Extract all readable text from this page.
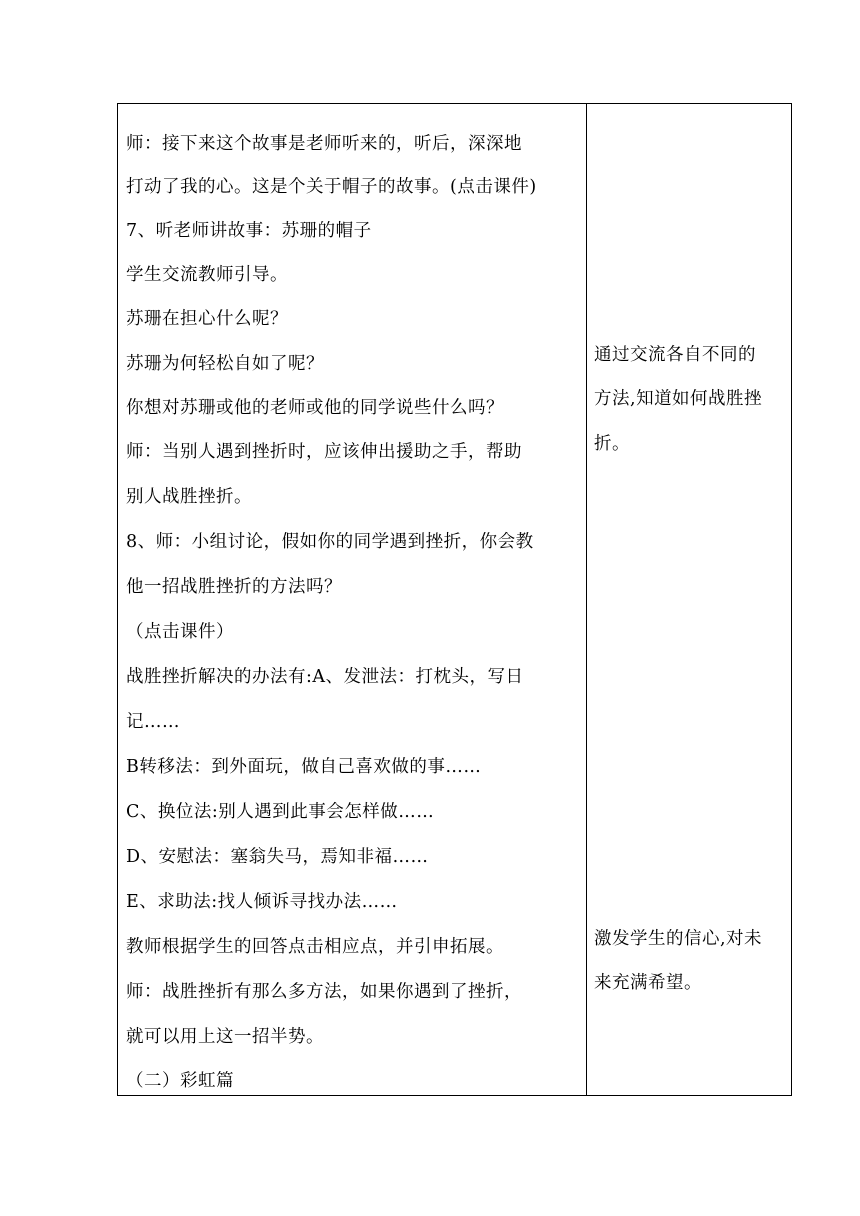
师：接下来这个故事是老师听来的，听后，深深地
打动了我的心。这是个关于帽子的故事。(点击课件)
7、听老师讲故事：苏珊的帽子
学生交流教师引导。
苏珊在担心什么呢？
苏珊为何轻松自如了呢？
你想对苏珊或他的老师或他的同学说些什么吗？
师：当别人遇到挫折时，应该伸出援助之手，帮助
别人战胜挫折。
8、师：小组讨论，假如你的同学遇到挫折，你会教
他一招战胜挫折的方法吗？
（点击课件）
战胜挫折解决的办法有:A、发泄法：打枕头，写日
记……
B转移法：到外面玩，做自己喜欢做的事……
C、换位法:别人遇到此事会怎样做……
D、安慰法：塞翁失马，焉知非福……
E、求助法:找人倾诉寻找办法……
教师根据学生的回答点击相应点，并引申拓展。
师：战胜挫折有那么多方法，如果你遇到了挫折，
就可以用上这一招半势。
（二）彩虹篇
通过交流各自不同的
方法,知道如何战胜挫
折。
激发学生的信心,对未
来充满希望。
